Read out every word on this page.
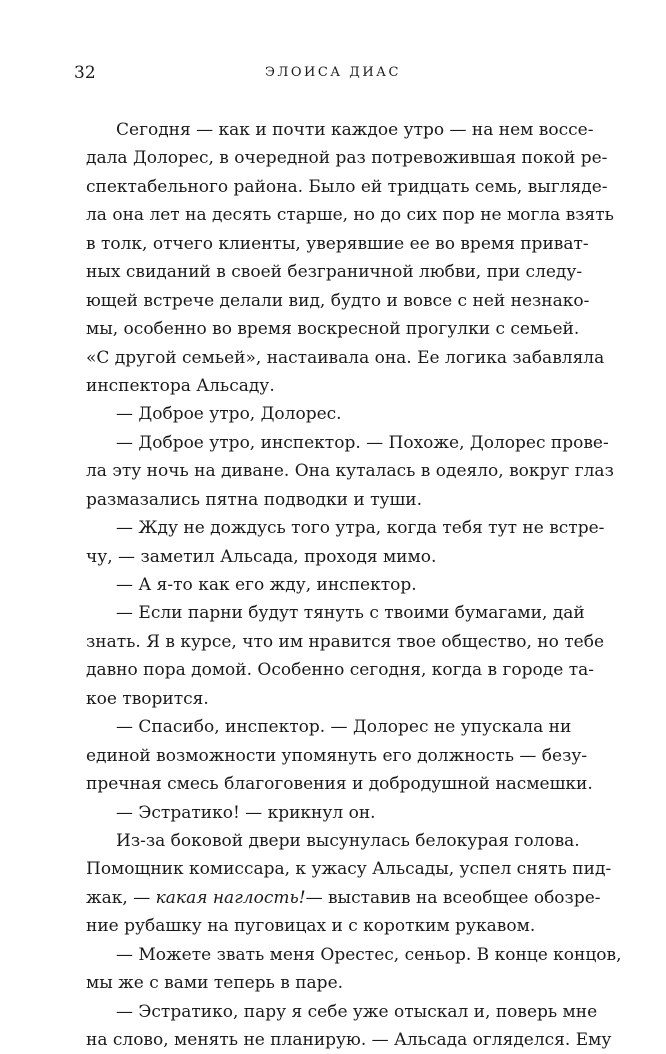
32	ЭЛОИСА ДИАС
Сегодня — как и почти каждое утро — на нем воссе-
дала Долорес, в очередной раз потревожившая покой ре-
спектабельного района. Было ей тридцать семь, выгляде-
ла она лет на десять старше, но до сих пор не могла взять
в толк, отчего клиенты, уверявшие ее во время приват-
ных свиданий в своей безграничной любви, при следу-
ющей встрече делали вид, будто и вовсе с ней незнако-
мы, особенно во время воскресной прогулки с семьей.
«С другой семьей», настаивала она. Ее логика забавляла
инспектора Альсаду.
— Доброе утро, Долорес.
— Доброе утро, инспектор. — Похоже, Долорес прове-
ла эту ночь на диване. Она куталась в одеяло, вокруг глаз
размазались пятна подводки и туши.
— Жду не дождусь того утра, когда тебя тут не встре-
чу, — заметил Альсада, проходя мимо.
— А я-то как его жду, инспектор.
— Если парни будут тянуть с твоими бумагами, дай
знать. Я в курсе, что им нравится твое общество, но тебе
давно пора домой. Особенно сегодня, когда в городе та-
кое творится.
— Спасибо, инспектор. — Долорес не упускала ни
единой возможности упомянуть его должность — безу-
пречная смесь благоговения и добродушной насмешки.
— Эстратико! — крикнул он.
Из-за боковой двери высунулась белокурая голова.
Помощник комиссара, к ужасу Альсады, успел снять пид-
жак, — какая наглость!— выставив на всеобщее обозре-
ние рубашку на пуговицах и с коротким рукавом.
— Можете звать меня Орестес, сеньор. В конце концов,
мы же с вами теперь в паре.
— Эстратико, пару я себе уже отыскал и, поверь мне
на слово, менять не планирую. — Альсада огляделся. Ему
